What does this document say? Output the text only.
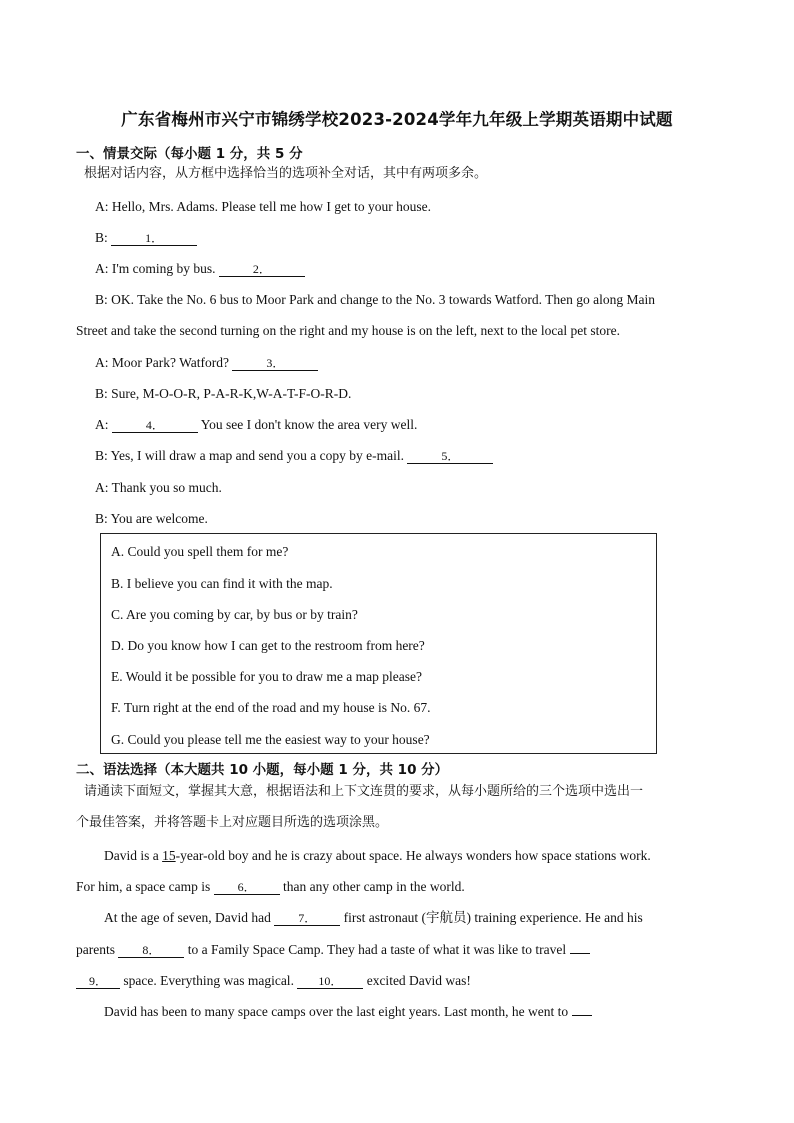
广东省梅州市兴宁市锦绣学校2023-2024学年九年级上学期英语期中试题
一、情景交际（每小题 1 分，共 5 分
根据对话内容，从方框中选择恰当的选项补全对话，其中有两项多余。
A: Hello, Mrs. Adams. Please tell me how I get to your house.
B:	1．
A: I'm coming by bus.	2．
B: OK. Take the No. 6 bus to Moor Park and change to the No. 3 towards Watford. Then go along Main
Street and take the second turning on the right and my house is on the left, next to the local pet store.
A: Moor Park? Watford?	3．
B: Sure, M-O-O-R, P-A-R-K,W-A-T-F-O-R-D.
A:	4．	You see I don't know the area very well.
B: Yes, I will draw a map and send you a copy by e-mail.	5．
A: Thank you so much.
B: You are welcome.
A. Could you spell them for me?
B. I believe you can find it with the map.
C. Are you coming by car, by bus or by train?
D. Do you know how I can get to the restroom from here?
E. Would it be possible for you to draw me a map please?
F. Turn right at the end of the road and my house is No. 67.
G. Could you please tell me the easiest way to your house?
二、语法选择（本大题共 10 小题，每小题 1 分，共 10 分）
请通读下面短文，掌握其大意，根据语法和上下文连贯的要求，从每小题所给的三个选项中选出一
个最佳答案，并将答题卡上对应题目所选的选项涂黑。
David is a 15-year-old boy and he is crazy about space. He always wonders how space stations work.
For him, a space camp is 6． than any other camp in the world.
At the age of seven, David had 7． first astronaut (宇航员) training experience. He and his
parents 8． to a Family Space Camp. They had a taste of what it was like to travel
9． space. Everything was magical. 10． excited David was!
David has been to many space camps over the last eight years. Last month, he went to
